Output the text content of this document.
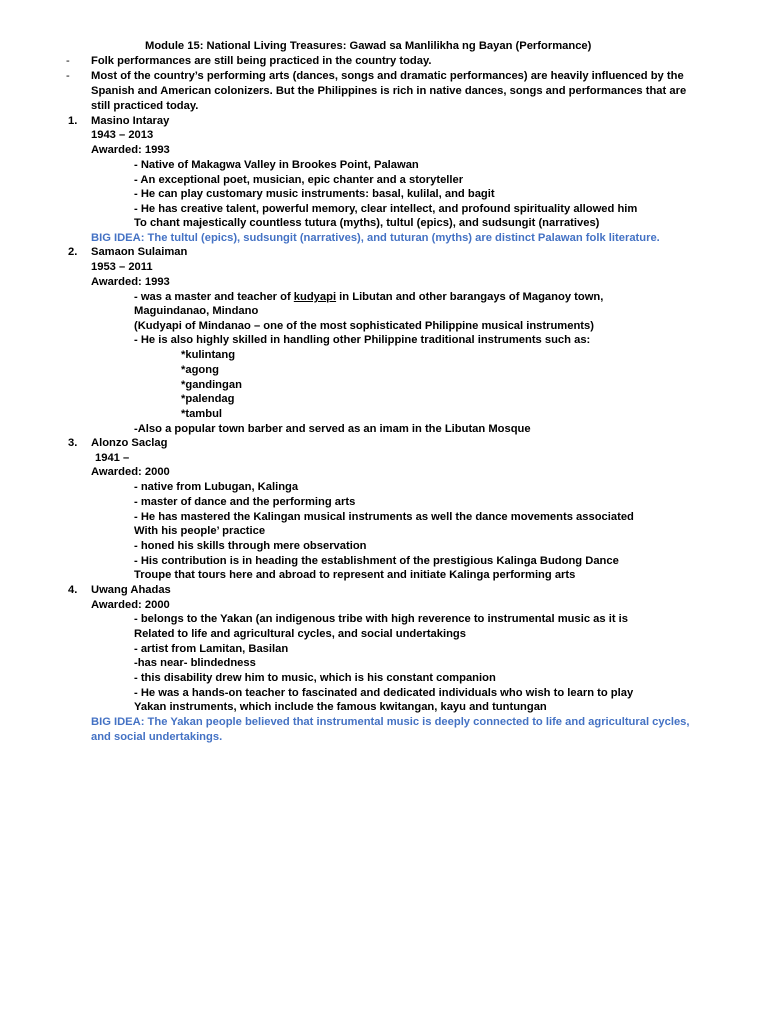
Module 15: National Living Treasures: Gawad sa Manlilikha ng Bayan (Performance)
- Folk performances are still being practiced in the country today.
- Most of the country’s performing arts (dances, songs and dramatic performances) are heavily influenced by the
Spanish and American colonizers. But the Philippines is rich in native dances, songs and performances that are
still practiced today.
1. Masino Intaray
1943 – 2013
Awarded: 1993
- Native of Makagwa Valley in Brookes Point, Palawan
- An exceptional poet, musician, epic chanter and a storyteller
- He can play customary music instruments: basal, kulilal, and bagit
- He has creative talent, powerful memory, clear intellect, and profound spirituality allowed him
To chant majestically countless tutura (myths), tultul (epics), and sudsungit (narratives)
BIG IDEA: The tultul (epics), sudsungit (narratives), and tuturan (myths) are distinct Palawan folk literature.
2. Samaon Sulaiman
1953 – 2011
Awarded: 1993
- was a master and teacher of kudyapi in Libutan and other barangays of Maganoy town,
Maguindanao, Mindano
(Kudyapi of Mindanao – one of the most sophisticated Philippine musical instruments)
- He is also highly skilled in handling other Philippine traditional instruments such as:
*kulintang
*agong
*gandingan
*palendag
*tambul
-Also a popular town barber and served as an imam in the Libutan Mosque
3. Alonzo Saclag
1941 –
Awarded: 2000
- native from Lubugan, Kalinga
- master of dance and the performing arts
- He has mastered the Kalingan musical instruments as well the dance movements associated
With his people’ practice
- honed his skills through mere observation
- His contribution is in heading the establishment of the prestigious Kalinga Budong Dance
Troupe that tours here and abroad to represent and initiate Kalinga performing arts
4. Uwang Ahadas
Awarded: 2000
- belongs to the Yakan (an indigenous tribe with high reverence to instrumental music as it is
Related to life and agricultural cycles, and social undertakings
- artist from Lamitan, Basilan
-has near- blindedness
- this disability drew him to music, which is his constant companion
- He was a hands-on teacher to fascinated and dedicated individuals who wish to learn to play
Yakan instruments, which include the famous kwitangan, kayu and tuntungan
BIG IDEA: The Yakan people believed that instrumental music is deeply connected to life and agricultural cycles,
and social undertakings.
